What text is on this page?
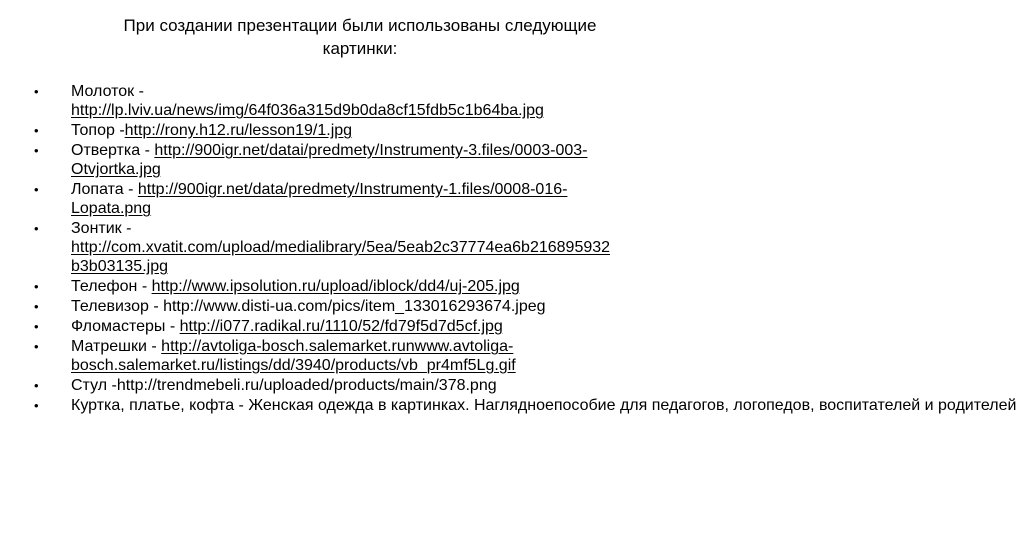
При создании презентации были использованы следующие
картинки:
• Молоток -
http://lp.lviv.ua/news/img/64f036a315d9b0da8cf15fdb5c1b64ba.jpg
• Топор -http://rony.h12.ru/lesson19/1.jpg
• Отвертка - http://900igr.net/datai/predmety/Instrumenty-3.files/0003-003-
Otvjortka.jpg
• Лопата - http://900igr.net/data/predmety/Instrumenty-1.files/0008-016-
Lopata.png
• Зонтик -
http://com.xvatit.com/upload/medialibrary/5ea/5eab2c37774ea6b216895932
b3b03135.jpg
• Телефон - http://www.ipsolution.ru/upload/iblock/dd4/uj-205.jpg
• Телевизор - http://www.disti-ua.com/pics/item_133016293674.jpeg
• Фломастеры - http://i077.radikal.ru/1110/52/fd79f5d7d5cf.jpg
• Матрешки - http://avtoliga-bosch.salemarket.runwww.avtoliga-
bosch.salemarket.ru/listings/dd/3940/products/vb_pr4mf5Lg.gif
• Стул -http://trendmebeli.ru/uploaded/products/main/378.png
• Куртка, платье, кофта - Женская одежда в картинках. Наглядноепособие для педагогов, логопедов, воспитателей и родителей
